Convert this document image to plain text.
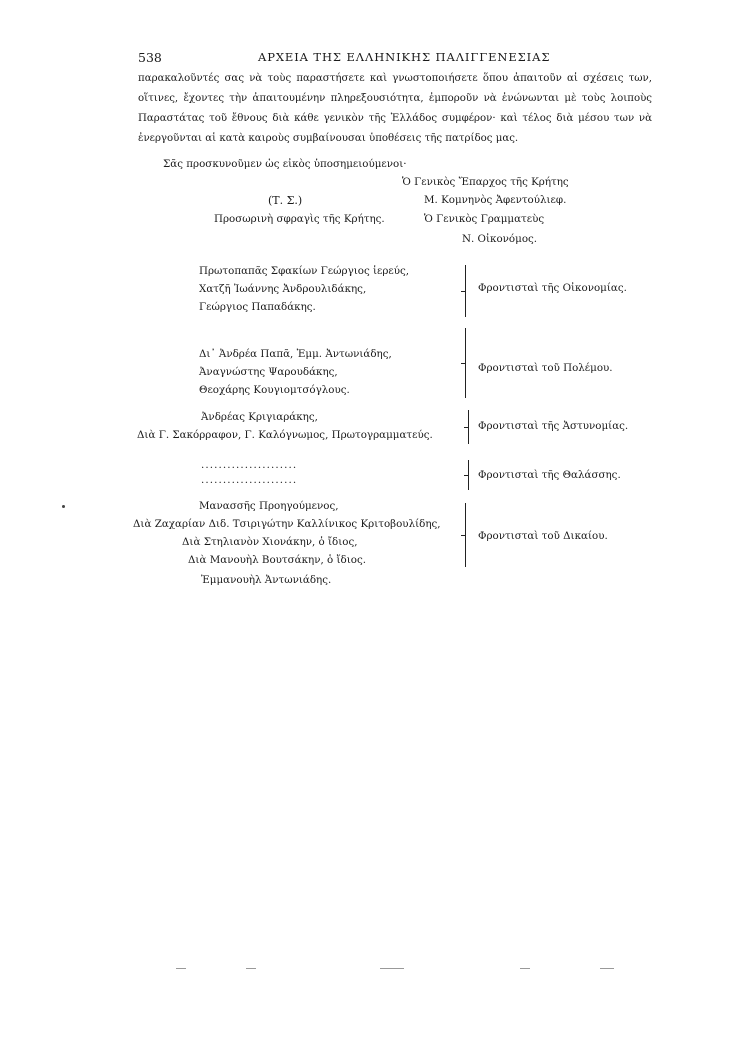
538	ΑΡΧΕΙΑ ΤΗΣ ΕΛΛΗΝΙΚΗΣ ΠΑΛΙΓΓΕΝΕΣΙΑΣ
παρακαλοῦντές σας νὰ τοὺς παραστήσετε καὶ γνωστοποιήσετε ὅπου ἀπαιτοῦν αἱ σχέσεις των,
οἵτινες, ἔχοντες τὴν ἀπαιτουμένην πληρεξουσιότητα, ἐμποροῦν νὰ ἑνώνωνται μὲ τοὺς λοιποὺς
Παραστάτας τοῦ ἔθνους διὰ κάθε γενικὸν τῆς Ἑλλάδος συμφέρον· καὶ τέλος διὰ μέσου των νὰ
ἐνεργοῦνται αἱ κατὰ καιροὺς συμβαίνουσαι ὑποθέσεις τῆς πατρίδος μας.
Σᾶς προσκυνοῦμεν ὡς εἰκὸς ὑποσημειούμενοι·
Ὁ Γενικὸς Ἔπαρχος τῆς Κρήτης
Μ. Κομνηνὸς Ἀφεντούλιεφ.
Ὁ Γενικὸς Γραμματεὺς
Ν. Οἰκονόμος.
(Τ. Σ.)
Προσωρινὴ σφραγὶς τῆς Κρήτης.
Πρωτοπαπᾶς Σφακίων Γεώργιος ἱερεύς,
Χατζῆ Ἰωάννης Ἀνδρουλιδάκης,
Γεώργιος Παπαδάκης.
Φροντισταὶ τῆς Οἰκονομίας.
Δι᾽ Ἀνδρέα Παπᾶ, Ἐμμ. Ἀντωνιάδης,
Ἀναγνώστης Ψαρουδάκης,
Θεοχάρης Κουγιομτσόγλους.
Φροντισταὶ τοῦ Πολέμου.
Ἀνδρέας Κριγιαράκης,
Διὰ Γ. Σακόρραφον, Γ. Καλόγνωμος, Πρωτογραμματεύς.
Φροντισταὶ τῆς Ἀστυνομίας.
......................
......................	Φροντισταὶ τῆς Θαλάσσης.
Μανασσῆς Προηγούμενος,
Διὰ Ζαχαρίαν Διδ. Τσιριγώτην Καλλίνικος Κριτοβουλίδης,
Διὰ Στηλιανὸν Χιονάκην, ὁ ἴδιος,
Διὰ Μανουὴλ Βουτσάκην, ὁ ἴδιος.
Ἐμμανουὴλ Ἀντωνιάδης.
Φροντισταὶ τοῦ Δικαίου.
